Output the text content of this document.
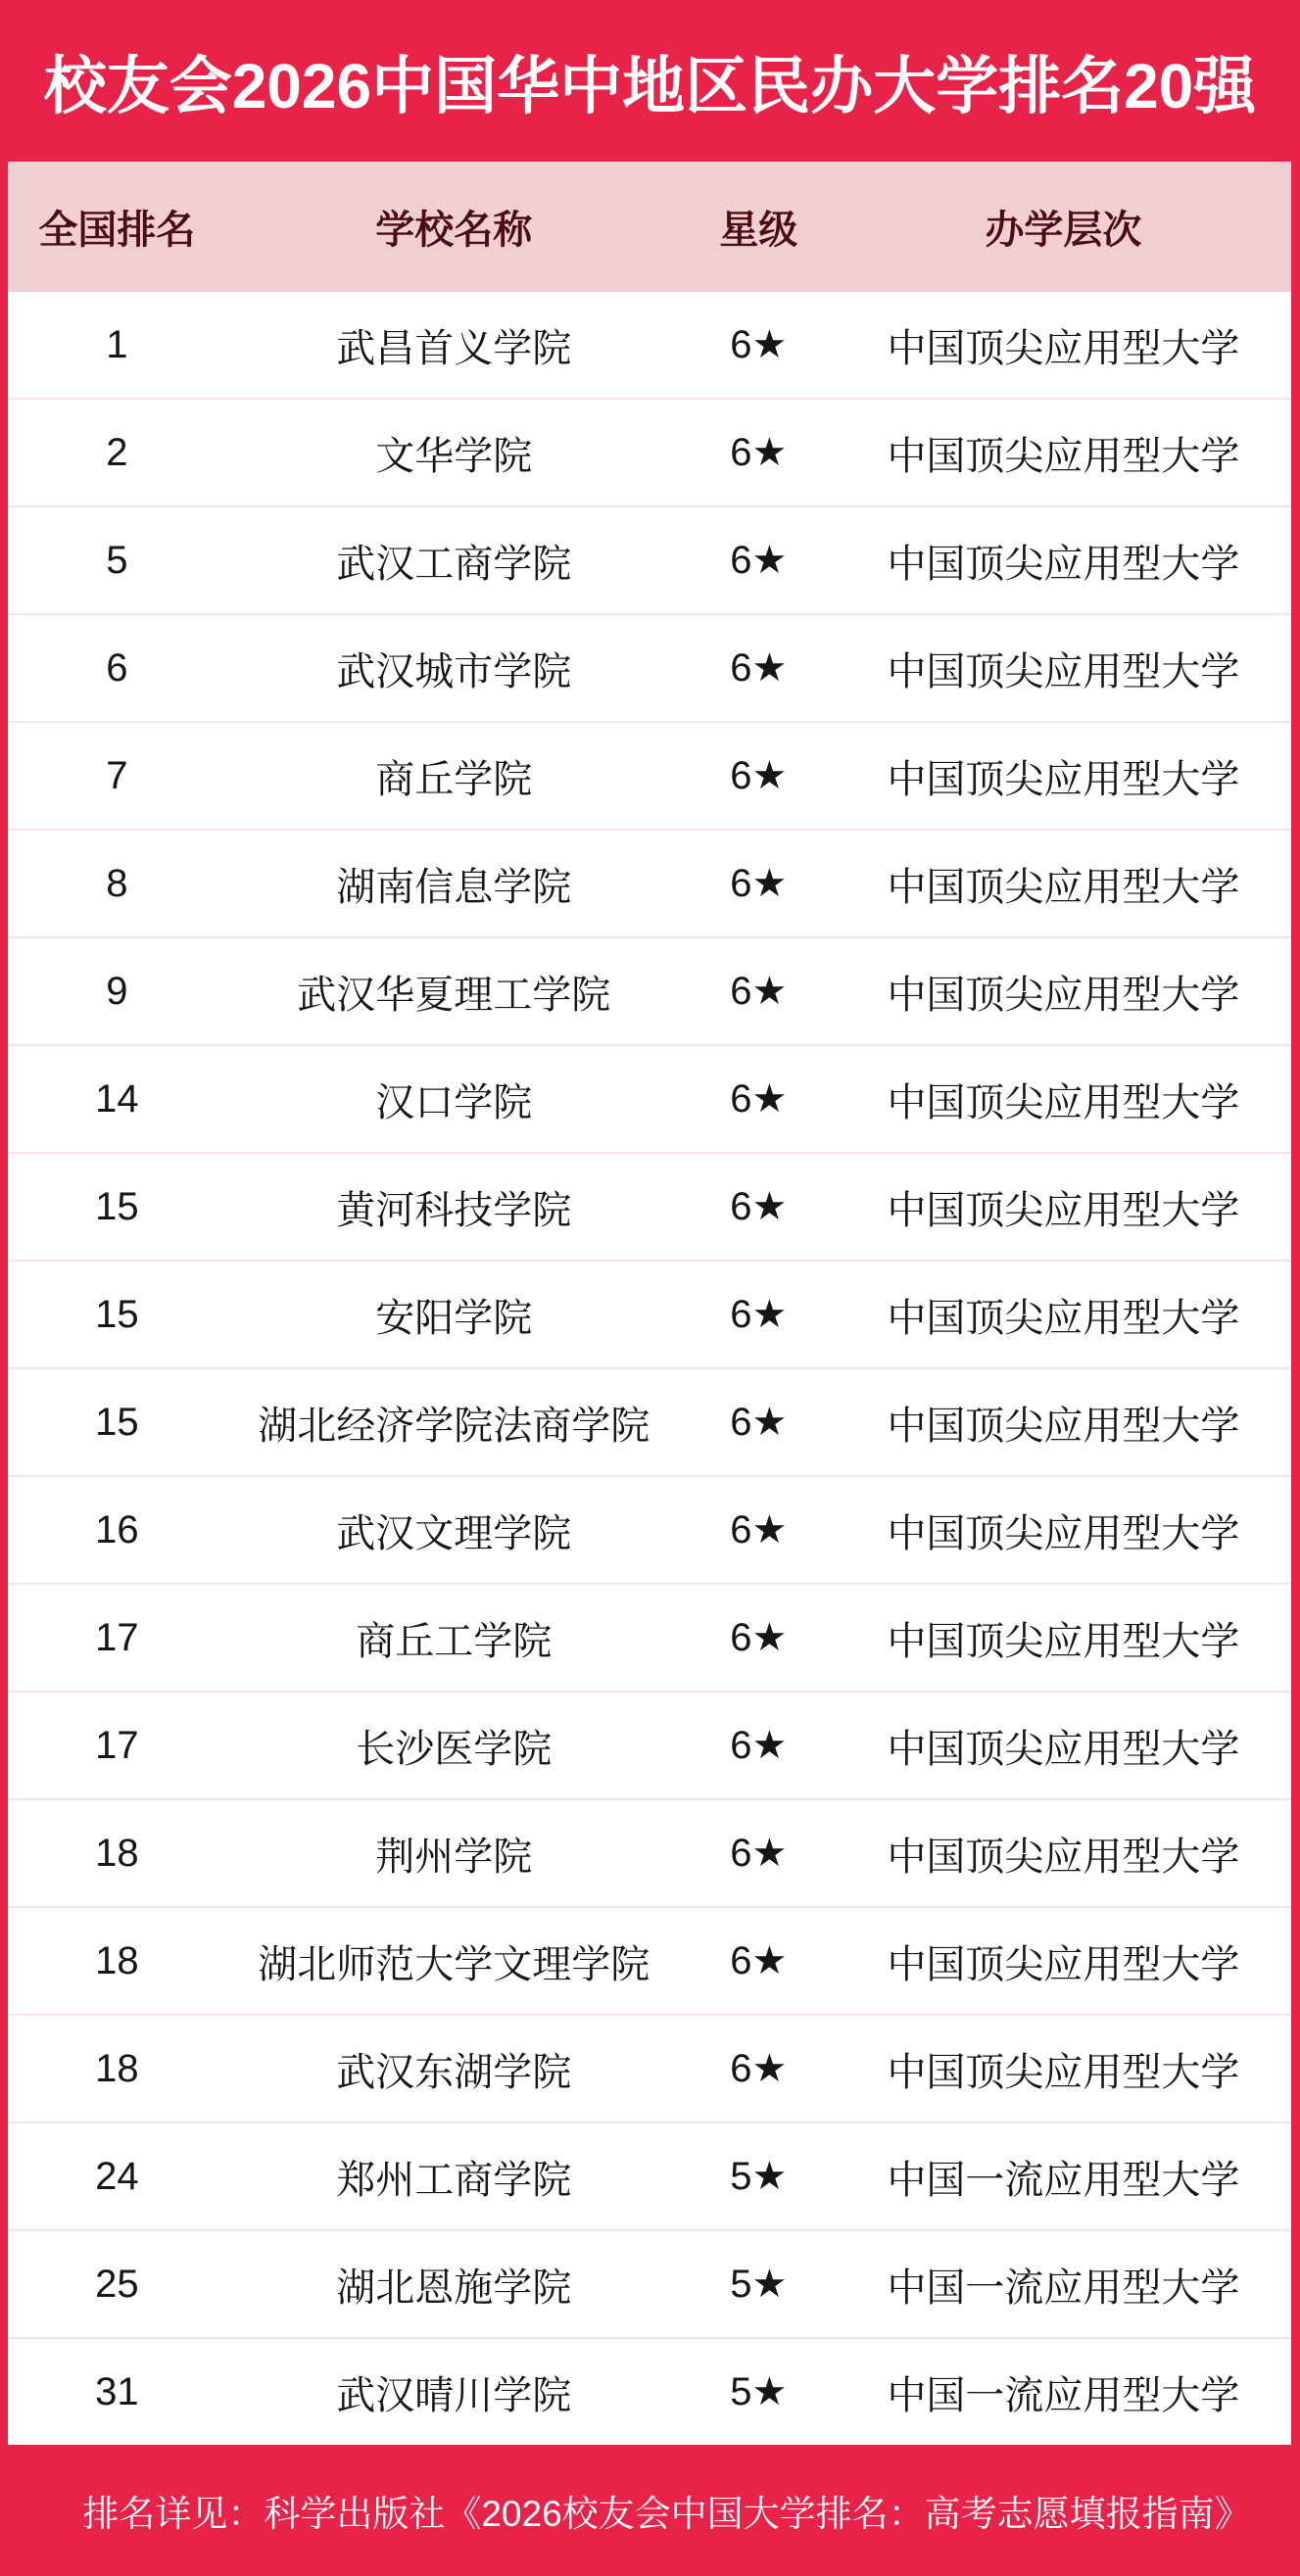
校友会2026中国华中地区民办大学排名20强
全国排名	学校名称	星级	办学层次
1	武昌首义学院	6★	中国顶尖应用型大学
2	文华学院	6★	中国顶尖应用型大学
5	武汉工商学院	6★	中国顶尖应用型大学
6	武汉城市学院	6★	中国顶尖应用型大学
7	商丘学院	6★	中国顶尖应用型大学
8	湖南信息学院	6★	中国顶尖应用型大学
9	武汉华夏理工学院	6★	中国顶尖应用型大学
14	汉口学院	6★	中国顶尖应用型大学
15	黄河科技学院	6★	中国顶尖应用型大学
15	安阳学院	6★	中国顶尖应用型大学
15	湖北经济学院法商学院	6★	中国顶尖应用型大学
16	武汉文理学院	6★	中国顶尖应用型大学
17	商丘工学院	6★	中国顶尖应用型大学
17	长沙医学院	6★	中国顶尖应用型大学
18	荆州学院	6★	中国顶尖应用型大学
18	湖北师范大学文理学院	6★	中国顶尖应用型大学
18	武汉东湖学院	6★	中国顶尖应用型大学
24	郑州工商学院	5★	中国一流应用型大学
25	湖北恩施学院	5★	中国一流应用型大学
31	武汉晴川学院	5★	中国一流应用型大学

排名详见：科学出版社《2026校友会中国大学排名：高考志愿填报指南》
